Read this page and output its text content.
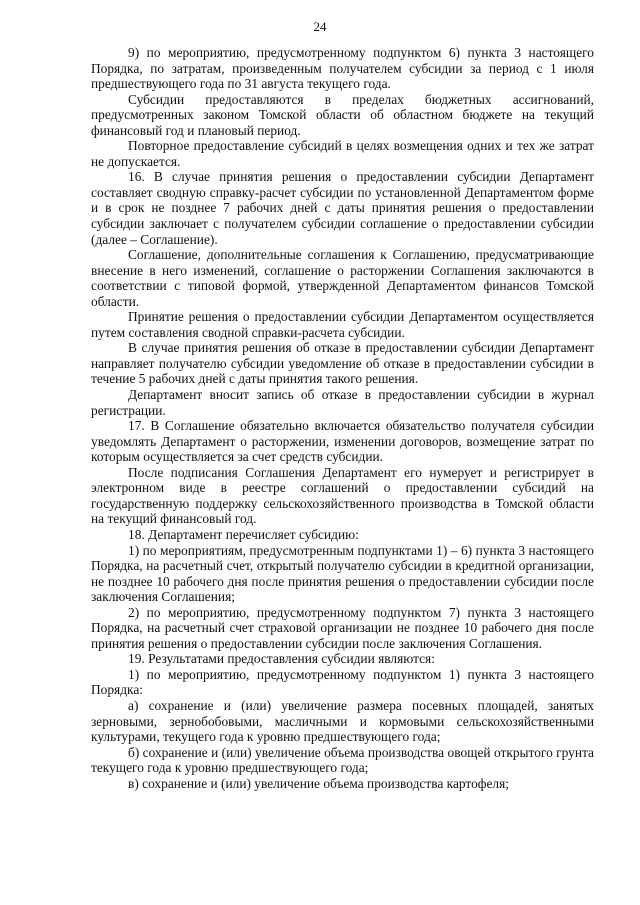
24

9) по мероприятию, предусмотренному подпунктом 6) пункта 3 настоящего Порядка, по затратам, произведенным получателем субсидии за период с 1 июля предшествующего года по 31 августа текущего года.

Субсидии предоставляются в пределах бюджетных ассигнований, предусмотренных законом Томской области об областном бюджете на текущий финансовый год и плановый период.

Повторное предоставление субсидий в целях возмещения одних и тех же затрат не допускается.

16. В случае принятия решения о предоставлении субсидии Департамент составляет сводную справку-расчет субсидии по установленной Департаментом форме и в срок не позднее 7 рабочих дней с даты принятия решения о предоставлении субсидии заключает с получателем субсидии соглашение о предоставлении субсидии (далее – Соглашение).

Соглашение, дополнительные соглашения к Соглашению, предусматривающие внесение в него изменений, соглашение о расторжении Соглашения заключаются в соответствии с типовой формой, утвержденной Департаментом финансов Томской области.

Принятие решения о предоставлении субсидии Департаментом осуществляется путем составления сводной справки-расчета субсидии.

В случае принятия решения об отказе в предоставлении субсидии Департамент направляет получателю субсидии уведомление об отказе в предоставлении субсидии в течение 5 рабочих дней с даты принятия такого решения.

Департамент вносит запись об отказе в предоставлении субсидии в журнал регистрации.

17. В Соглашение обязательно включается обязательство получателя субсидии уведомлять Департамент о расторжении, изменении договоров, возмещение затрат по которым осуществляется за счет средств субсидии.

После подписания Соглашения Департамент его нумерует и регистрирует в электронном виде в реестре соглашений о предоставлении субсидий на государственную поддержку сельскохозяйственного производства в Томской области на текущий финансовый год.

18. Департамент перечисляет субсидию:

1) по мероприятиям, предусмотренным подпунктами 1) – 6) пункта 3 настоящего Порядка, на расчетный счет, открытый получателю субсидии в кредитной организации, не позднее 10 рабочего дня после принятия решения о предоставлении субсидии после заключения Соглашения;

2) по мероприятию, предусмотренному подпунктом 7) пункта 3 настоящего Порядка, на расчетный счет страховой организации не позднее 10 рабочего дня после принятия решения о предоставлении субсидии после заключения Соглашения.

19. Результатами предоставления субсидии являются:

1) по мероприятию, предусмотренному подпунктом 1) пункта 3 настоящего Порядка:

а) сохранение и (или) увеличение размера посевных площадей, занятых зерновыми, зернобобовыми, масличными и кормовыми сельскохозяйственными культурами, текущего года к уровню предшествующего года;

б) сохранение и (или) увеличение объема производства овощей открытого грунта текущего года к уровню предшествующего года;

в) сохранение и (или) увеличение объема производства картофеля;
